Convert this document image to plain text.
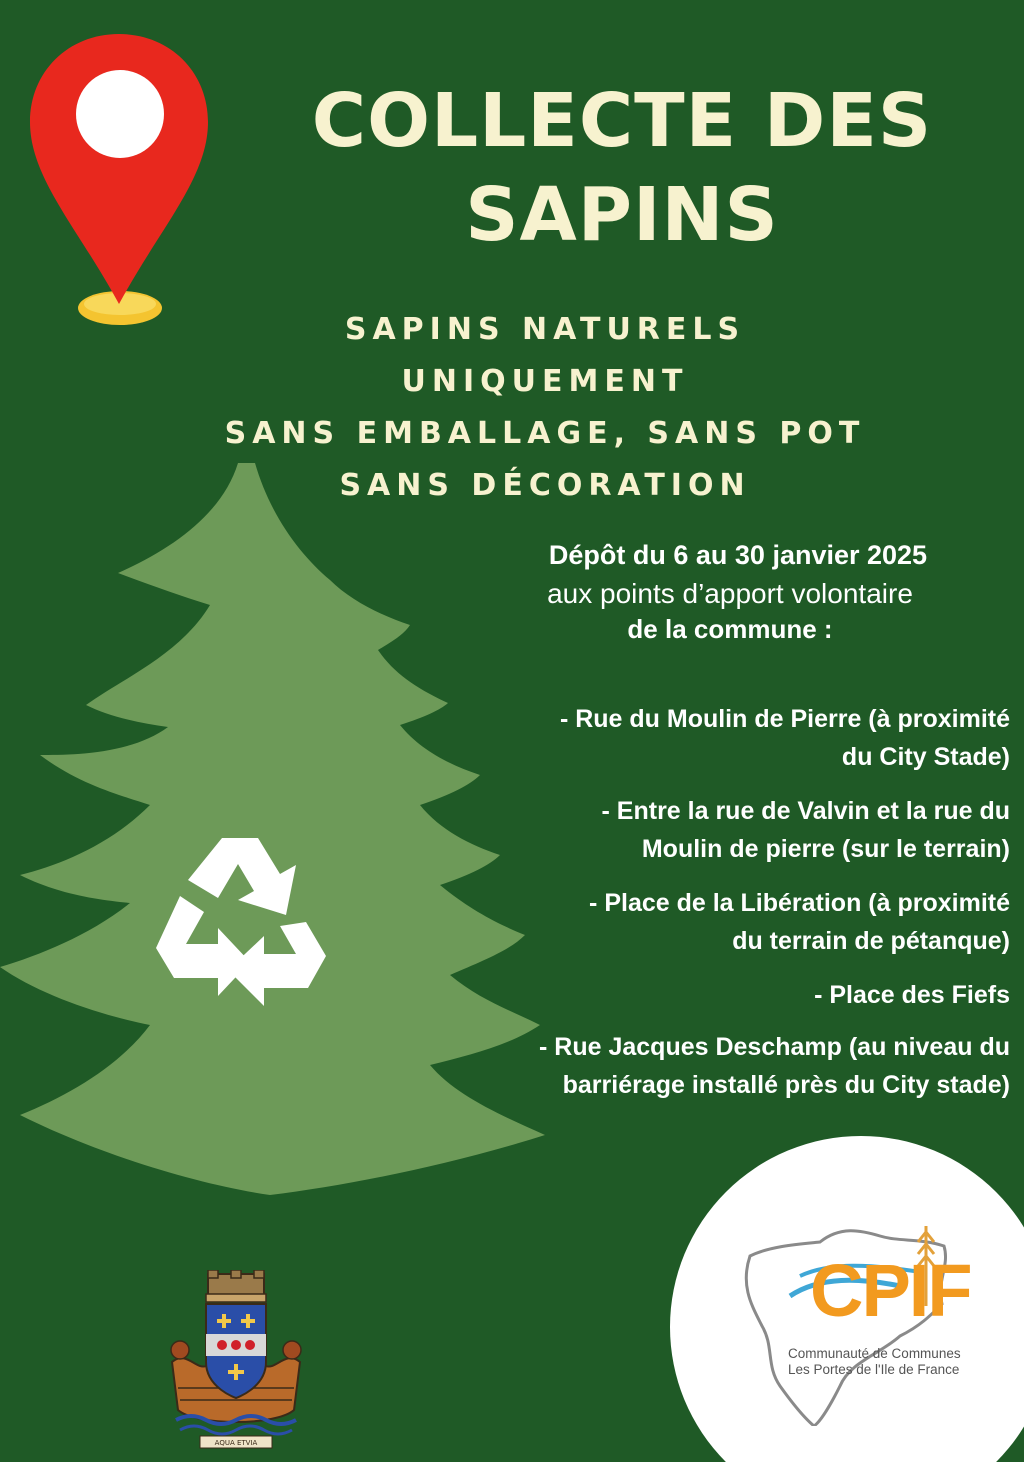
COLLECTE DES
SAPINS
SAPINS NATURELS
UNIQUEMENT
SANS EMBALLAGE, SANS POT
SANS DÉCORATION
Dépôt du 6 au 30 janvier 2025
aux points d’apport volontaire
de la commune :
- Rue du Moulin de Pierre (à proximité
du City Stade)
- Entre la rue de Valvin et la rue du
Moulin de pierre (sur le terrain)
- Place de la Libération (à proximité
du terrain de pétanque)
- Place des Fiefs
- Rue Jacques Deschamp (au niveau du
barriérage installé près du City stade)
AQUA ETVIA
CPIF
Communauté de Communes
Les Portes de l'Ile de France
